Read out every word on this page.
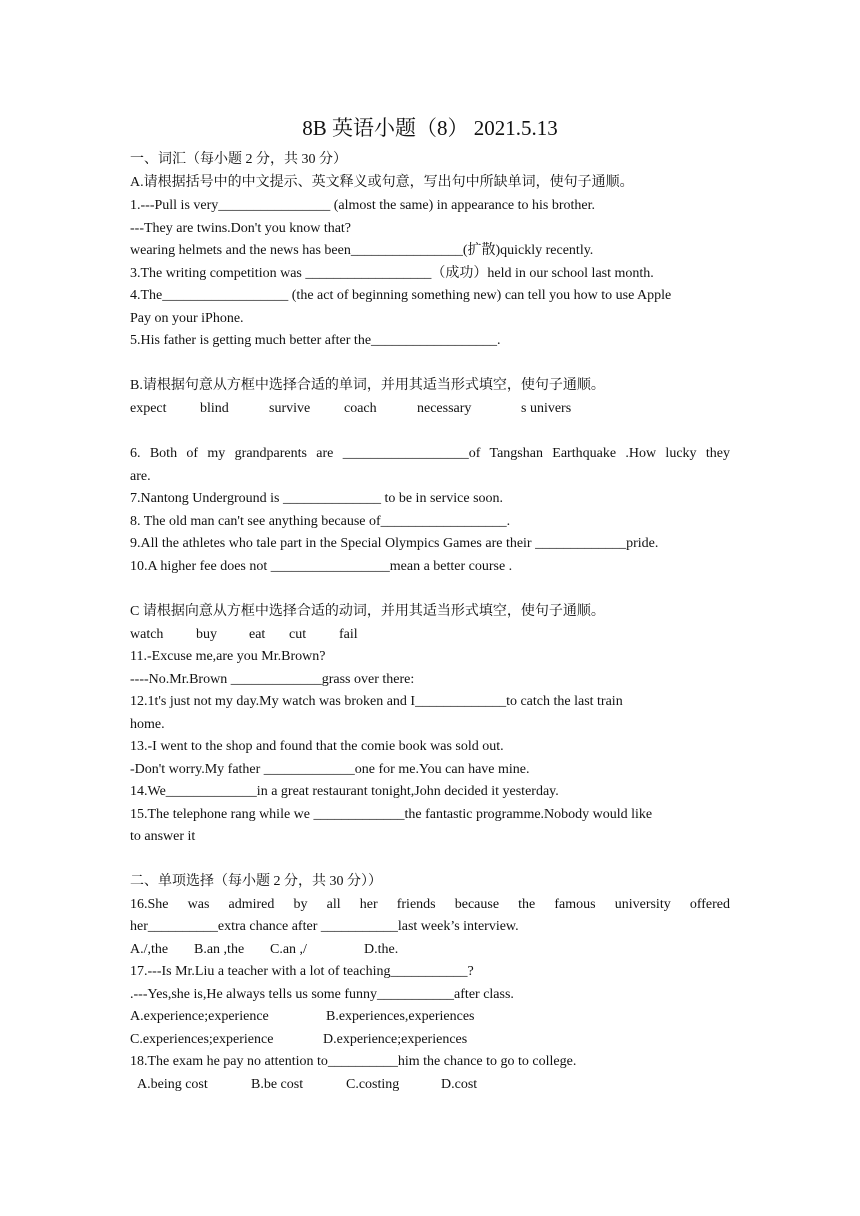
8B 英语小题（8） 2021.5.13
一、词汇（每小题 2 分，共 30 分）
A.请根据括号中的中文提示、英文释义或句意，写出句中所缺单词，使句子通顺。
1.---Pull is very________________ (almost the same) in appearance to his brother.
---They are twins.Don't you know that?
wearing helmets and the news has been________________(扩散)quickly recently.
3.The writing competition was __________________（成功）held in our school last month.
4.The__________________ (the act of beginning something new) can tell you how to use Apple
Pay on your iPhone.
5.His father is getting much better after the__________________.
B.请根据句意从方框中选择合适的单词，并用其适当形式填空，使句子通顺。
expect blind	survive coach	necessary	s univers
6. Both of my grandparents are __________________of Tangshan Earthquake .How lucky they
are.
7.Nantong Underground is ______________ to be in service soon.
8. The old man can't see anything because of__________________.
9.All the athletes who tale part in the Special Olympics Games are their _____________pride.
10.A higher fee does not _________________mean a better course .
C 请根据向意从方框中选择合适的动词，并用其适当形式填空，使句子通顺。
watch buy eat cut fail
11.-Excuse me,are you Mr.Brown?
----No.Mr.Brown _____________grass over there:
12.1t's just not my day.My watch was broken and I_____________to catch the last train
home.
13.-I went to the shop and found that the comie book was sold out.
-Don't worry.My father _____________one for me.You can have mine.
14.We_____________in a great restaurant tonight,John decided it yesterday.
15.The telephone rang while we _____________the fantastic programme.Nobody would like
to answer it
二、单项选择（每小题 2 分，共 30 分））
16.She was admired by all her friends because the famous university offered
her__________extra chance after ___________last week’s interview.
A./,the B.an ,the C.an ,/	D.the.
17.---Is Mr.Liu a teacher with a lot of teaching___________?
.---Yes,she is,He always tells us some funny___________after class.
A.experience;experience	B.experiences,experiences
C.experiences;experience	D.experience;experiences
18.The exam he pay no attention to__________him the chance to go to college.
A.being cost	B.be cost	C.costing	D.cost
